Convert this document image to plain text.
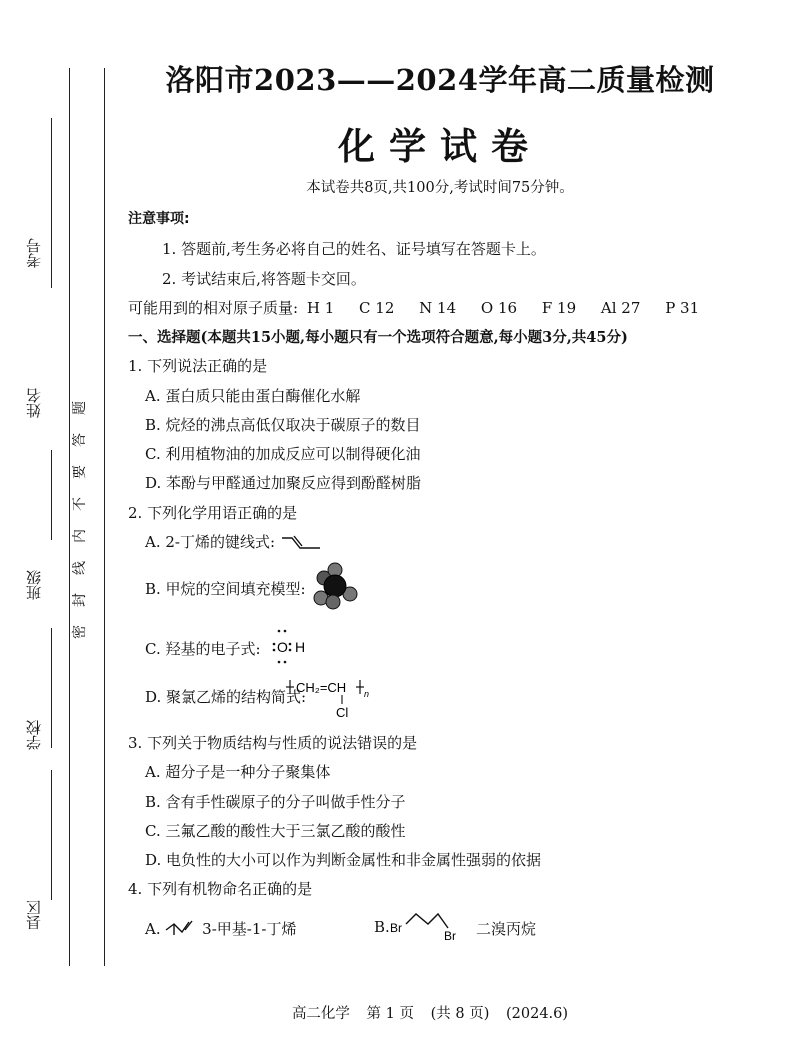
考号
姓名
班级
学校
县区
题
答
要
不
内
线
封
密
洛阳市2023——2024学年高二质量检测
化学试卷
本试卷共8页,共100分,考试时间75分钟。
注意事项:
1. 答题前,考生务必将自己的姓名、证号填写在答题卡上。
2. 考试结束后,将答题卡交回。
可能用到的相对原子质量: H 1 C 12 N 14 O 16 F 19 Al 27 P 31
一、选择题(本题共15小题,每小题只有一个选项符合题意,每小题3分,共45分)
1. 下列说法正确的是
A. 蛋白质只能由蛋白酶催化水解
B. 烷烃的沸点高低仅取决于碳原子的数目
C. 利用植物油的加成反应可以制得硬化油
D. 苯酚与甲醛通过加聚反应得到酚醛树脂
2. 下列化学用语正确的是
A. 2-丁烯的键线式:
B. 甲烷的空间填充模型:
C. 羟基的电子式: O H
D. 聚氯乙烯的结构简式:
CH₂=CH n
Cl
3. 下列关于物质结构与性质的说法错误的是
A. 超分子是一种分子聚集体
B. 含有手性碳原子的分子叫做手性分子
C. 三氟乙酸的酸性大于三氯乙酸的酸性
D. 电负性的大小可以作为判断金属性和非金属性强弱的依据
4. 下列有机物命名正确的是
A.	3-甲基-1-丁烯	B. Br
Br 二溴丙烷
高二化学 第 1 页 (共 8 页) (2024.6)
